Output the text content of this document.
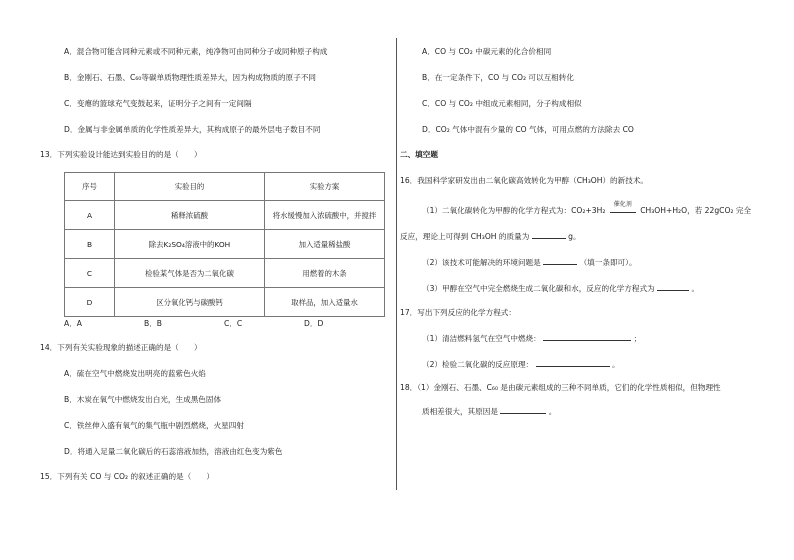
A．混合物可能含同种元素或不同种元素，纯净物可由同种分子或同种原子构成
B．金刚石、石墨、C₆₀等碳单质物理性质差异大，因为构成物质的原子不同
C．变瘪的篮球充气变鼓起来，证明分子之间有一定间隔
D．金属与非金属单质的化学性质差异大，其构成原子的最外层电子数目不同
13．下列实验设计能达到实验目的的是（　　）
序号	实验目的	实验方案
A	稀释浓硫酸	将水缓慢加入浓硫酸中，并搅拌
B	除去K₂SO₄溶液中的KOH	加入适量稀盐酸
C	检验某气体是否为二氧化碳	用燃着的木条
D	区分氧化钙与碳酸钙	取样品，加入适量水
A．A	B．B	C．C	D．D
14．下列有关实验现象的描述正确的是（　　）
A．硫在空气中燃烧发出明亮的蓝紫色火焰
B．木炭在氧气中燃烧发出白光，生成黑色固体
C．铁丝伸入盛有氧气的集气瓶中剧烈燃烧，火星四射
D．将通入足量二氧化碳后的石蕊溶液加热，溶液由红色变为紫色
15．下列有关 CO 与 CO₂ 的叙述正确的是（　　）
A．CO 与 CO₂ 中碳元素的化合价相同
B．在一定条件下，CO 与 CO₂ 可以互相转化
C．CO 与 CO₂ 中组成元素相同，分子构成相似
D．CO₂ 气体中混有少量的 CO 气体，可用点燃的方法除去 CO
二、填空题
16．我国科学家研发出由二氧化碳高效转化为甲醇（CH₃OH）的新技术。
（1）二氧化碳转化为甲醇的化学方程式为：CO₂+3H₂
催化剂
CH₃OH+H₂O，若 22gCO₂ 完全
反应，理论上可得到 CH₃OH 的质量为	g。
（2）该技术可能解决的环境问题是	（填一条即可）。
（3）甲醇在空气中完全燃烧生成二氧化碳和水，反应的化学方程式为	。
17．写出下列反应的化学方程式：
（1）清洁燃料氢气在空气中燃烧：	；
（2）检验二氧化碳的反应原理：	。
18．（1）金刚石、石墨、C₆₀ 是由碳元素组成的三种不同单质，它们的化学性质相似，但物理性
质相差很大，其原因是	。
